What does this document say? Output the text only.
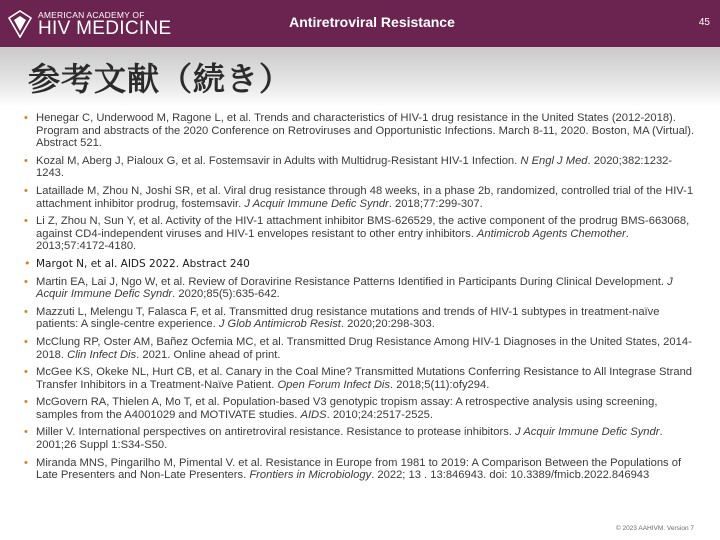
AMERICAN ACADEMY OF
HIV MEDICINE	Antiretroviral Resistance	45
参考文献（続き）
• Henegar C, Underwood M, Ragone L, et al. Trends and characteristics of HIV-1 drug resistance in the United States (2012-2018). Program and abstracts of the 2020 Conference on Retroviruses and Opportunistic Infections. March 8-11, 2020. Boston, MA (Virtual). Abstract 521.
• Kozal M, Aberg J, Pialoux G, et al. Fostemsavir in Adults with Multidrug-Resistant HIV-1 Infection. N Engl J Med. 2020;382:1232-1243.
• Lataillade M, Zhou N, Joshi SR, et al. Viral drug resistance through 48 weeks, in a phase 2b, randomized, controlled trial of the HIV-1 attachment inhibitor prodrug, fostemsavir. J Acquir Immune Defic Syndr. 2018;77:299-307.
• Li Z, Zhou N, Sun Y, et al. Activity of the HIV-1 attachment inhibitor BMS-626529, the active component of the prodrug BMS-663068, against CD4-independent viruses and HIV-1 envelopes resistant to other entry inhibitors. Antimicrob Agents Chemother. 2013;57:4172-4180.
• Margot N, et al. AIDS 2022. Abstract 240
• Martin EA, Lai J, Ngo W, et al. Review of Doravirine Resistance Patterns Identified in Participants During Clinical Development. J Acquir Immune Defic Syndr. 2020;85(5):635-642.
• Mazzuti L, Melengu T, Falasca F, et al. Transmitted drug resistance mutations and trends of HIV-1 subtypes in treatment-naïve patients: A single-centre experience. J Glob Antimicrob Resist. 2020;20:298-303.
• McClung RP, Oster AM, Bañez Ocfemia MC, et al. Transmitted Drug Resistance Among HIV-1 Diagnoses in the United States, 2014-2018. Clin Infect Dis. 2021. Online ahead of print.
• McGee KS, Okeke NL, Hurt CB, et al. Canary in the Coal Mine? Transmitted Mutations Conferring Resistance to All Integrase Strand Transfer Inhibitors in a Treatment-Naïve Patient. Open Forum Infect Dis. 2018;5(11):ofy294.
• McGovern RA, Thielen A, Mo T, et al. Population-based V3 genotypic tropism assay: A retrospective analysis using screening, samples from the A4001029 and MOTIVATE studies. AIDS. 2010;24:2517-2525.
• Miller V. International perspectives on antiretroviral resistance. Resistance to protease inhibitors. J Acquir Immune Defic Syndr. 2001;26 Suppl 1:S34-S50.
• Miranda MNS, Pingarilho M, Pimental V. et al. Resistance in Europe from 1981 to 2019: A Comparison Between the Populations of Late Presenters and Non-Late Presenters. Frontiers in Microbiology. 2022; 13 . 13:846943. doi: 10.3389/fmicb.2022.846943
© 2023 AAHIVM. Version 7
